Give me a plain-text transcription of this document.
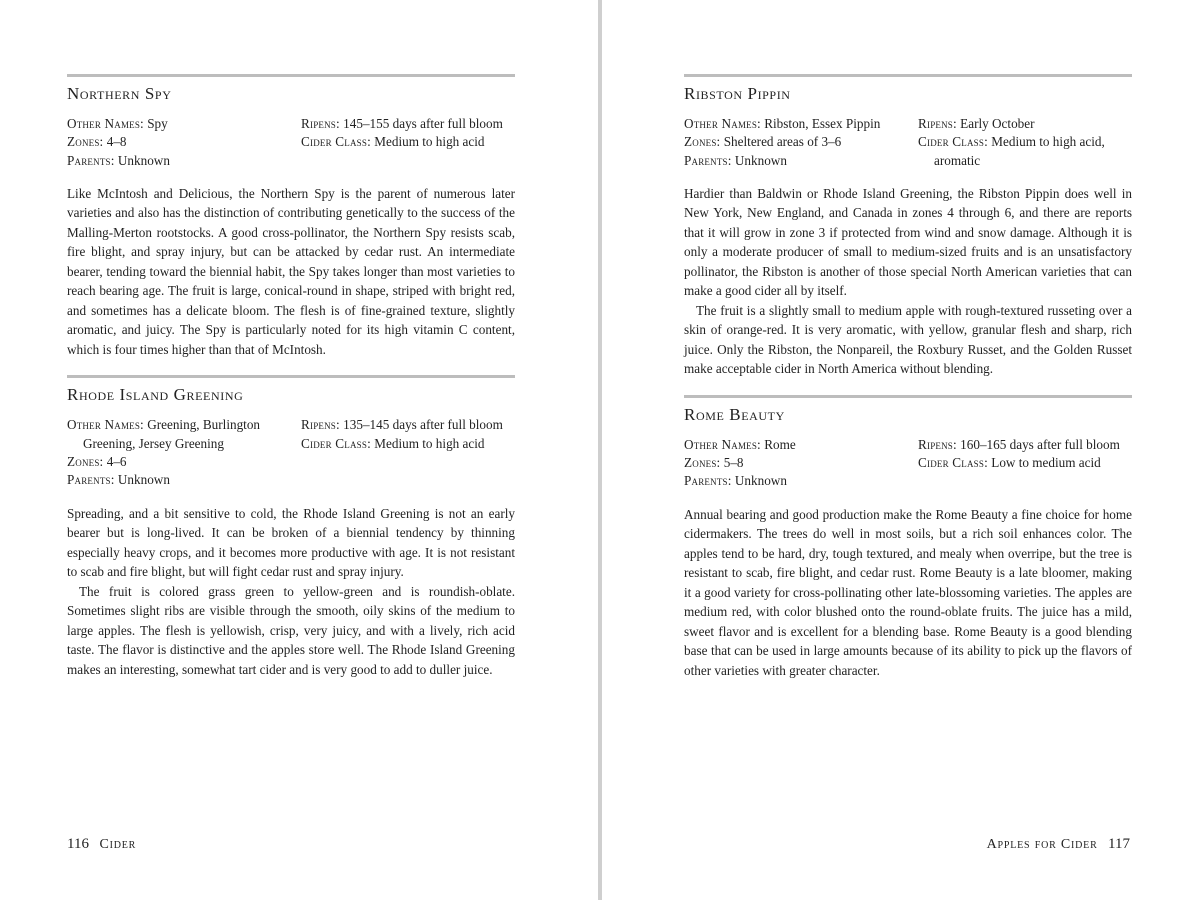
Northern Spy
Other Names: Spy
Zones: 4–8
Parents: Unknown
Ripens: 145–155 days after full bloom
Cider Class: Medium to high acid

Like McIntosh and Delicious, the Northern Spy is the parent of numerous later varieties and also has the distinction of contributing genetically to the success of the Malling-Merton rootstocks. A good cross-pollinator, the Northern Spy resists scab, fire blight, and spray injury, but can be attacked by cedar rust. An intermediate bearer, tending toward the biennial habit, the Spy takes longer than most varieties to reach bearing age. The fruit is large, conical-round in shape, striped with bright red, and sometimes has a delicate bloom. The flesh is of fine-grained texture, slightly aromatic, and juicy. The Spy is particularly noted for its high vitamin C content, which is four times higher than that of McIntosh.

Rhode Island Greening
Other Names: Greening, Burlington Greening, Jersey Greening
Zones: 4–6
Parents: Unknown
Ripens: 135–145 days after full bloom
Cider Class: Medium to high acid

Spreading, and a bit sensitive to cold, the Rhode Island Greening is not an early bearer but is long-lived. It can be broken of a biennial tendency by thinning especially heavy crops, and it becomes more productive with age. It is not resistant to scab and fire blight, but will fight cedar rust and spray injury.

The fruit is colored grass green to yellow-green and is roundish-oblate. Sometimes slight ribs are visible through the smooth, oily skins of the medium to large apples. The flesh is yellowish, crisp, very juicy, and with a lively, rich acid taste. The flavor is distinctive and the apples store well. The Rhode Island Greening makes an interesting, somewhat tart cider and is very good to add to duller juice.

116 Cider
Ribston Pippin
Other Names: Ribston, Essex Pippin
Zones: Sheltered areas of 3–6
Parents: Unknown
Ripens: Early October
Cider Class: Medium to high acid, aromatic

Hardier than Baldwin or Rhode Island Greening, the Ribston Pippin does well in New York, New England, and Canada in zones 4 through 6, and there are reports that it will grow in zone 3 if protected from wind and snow damage. Although it is only a moderate producer of small to medium-sized fruits and is an unsatisfactory pollinator, the Ribston is another of those special North American varieties that can make a good cider all by itself.

The fruit is a slightly small to medium apple with rough-textured russeting over a skin of orange-red. It is very aromatic, with yellow, granular flesh and sharp, rich juice. Only the Ribston, the Nonpareil, the Roxbury Russet, and the Golden Russet make acceptable cider in North America without blending.

Rome Beauty
Other Names: Rome
Zones: 5–8
Parents: Unknown
Ripens: 160–165 days after full bloom
Cider Class: Low to medium acid

Annual bearing and good production make the Rome Beauty a fine choice for home cidermakers. The trees do well in most soils, but a rich soil enhances color. The apples tend to be hard, dry, tough textured, and mealy when overripe, but the tree is resistant to scab, fire blight, and cedar rust. Rome Beauty is a late bloomer, making it a good variety for cross-pollinating other late-blossoming varieties. The apples are medium red, with color blushed onto the round-oblate fruits. The juice has a mild, sweet flavor and is excellent for a blending base. Rome Beauty is a good blending base that can be used in large amounts because of its ability to pick up the flavors of other varieties with greater character.

Apples for Cider 117
